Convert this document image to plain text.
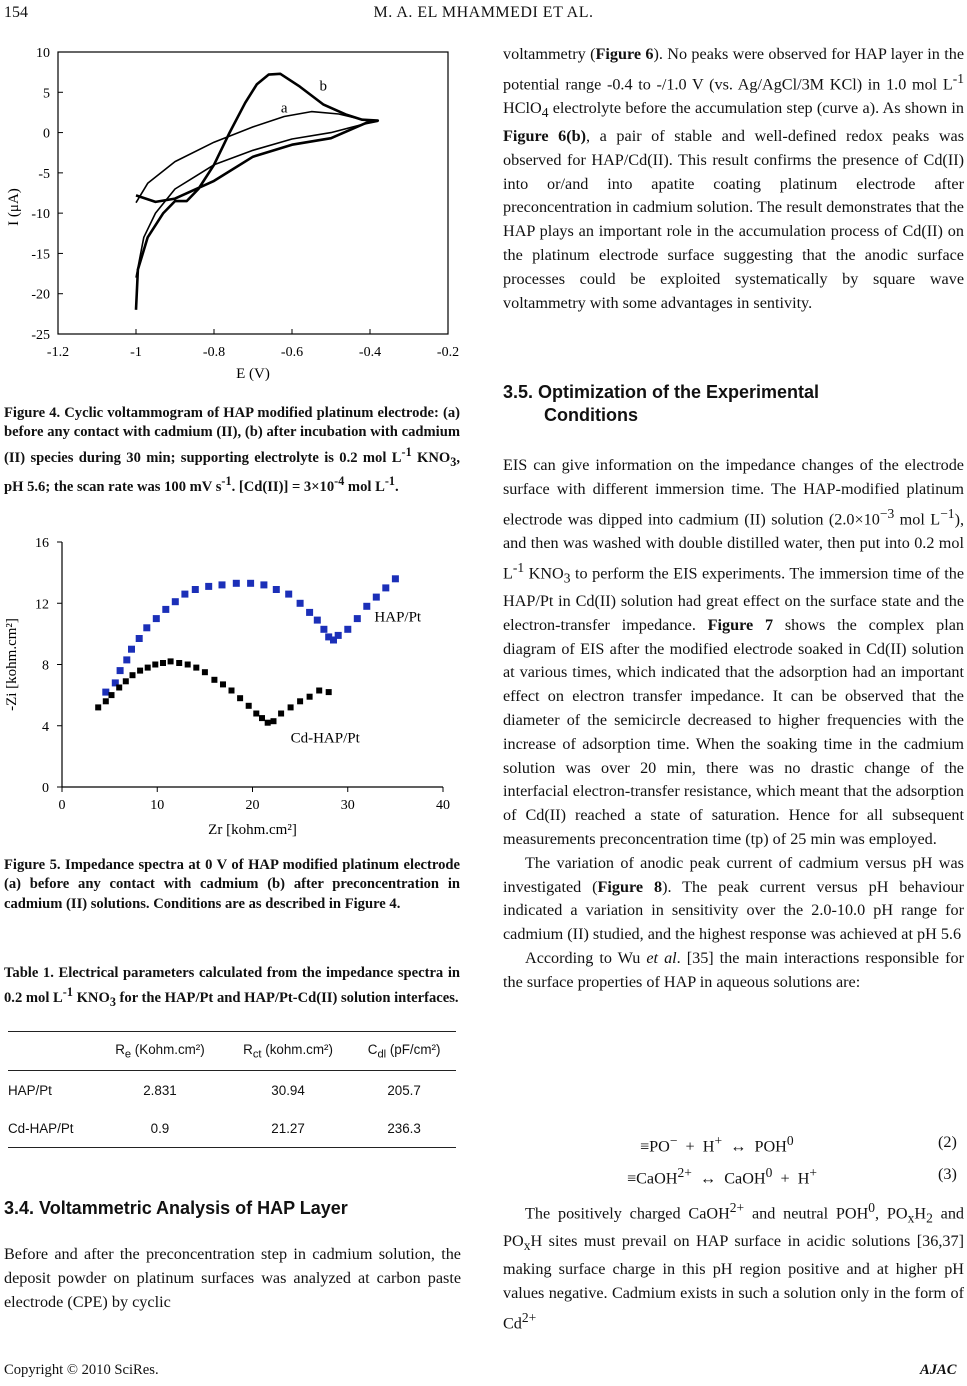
154	M. A. EL MHAMMEDI ET AL.
-1.2	-1	-0.8	-0.6	-0.4	-0.2
10
5
0
-5
-10
-15
-20
-25
E (V)
I (μA)
a
b
Figure 4. Cyclic voltammogram of HAP modified platinum electrode: (a) before any contact with cadmium (II), (b) after incubation with cadmium (II) species during 30 min; supporting electrolyte is 0.2 mol $L^{-1}$ $KNO_3$, pH 5.6; the scan rate was 100 mV $s^{-1}$. $[Cd(II)] = 3\times 10^{-4}$ mol $L^{-1}$.
0	10	20	30	40
16
12
8
4
0
Zr [kohm.cm²]
-Zi [kohm.cm²]
HAP/Pt
Cd-HAP/Pt
Figure 5. Impedance spectra at 0 V of HAP modified platinum electrode (a) before any contact with cadmium (b) after preconcentration in cadmium (II) solutions. Conditions are as described in Figure 4.
Table 1. Electrical parameters calculated from the impedance spectra in 0.2 mol $L^{-1}$ $KNO_3$ for the HAP/Pt and HAP/Pt-Cd(II) solution interfaces.
	$R_e$ (Kohm.cm²)	$R_{ct}$ (kohm.cm²)	$C_{dl}$ (pF/cm²)
HAP/Pt	2.831	30.94	205.7
Cd-HAP/Pt	0.9	21.27	236.3
3.4. Voltammetric Analysis of HAP Layer

Before and after the preconcentration step in cadmium solution, the deposit powder on platinum surfaces was analyzed at carbon paste electrode (CPE) by cyclic

voltammetry (Figure 6). No peaks were observed for HAP layer in the potential range -0.4 to -/1.0 V (vs. Ag/AgCl/3M KCl) in 1.0 mol $L^{-1}$ HClO$_4$ electrolyte before the accumulation step (curve a). As shown in Figure 6(b), a pair of stable and well-defined redox peaks was observed for HAP/Cd(II). This result confirms the presence of Cd(II) into or/and into apatite coating platinum electrode after preconcentration in cadmium solution. The result demonstrates that the HAP plays an important role in the accumulation process of Cd(II) on the platinum electrode surface suggesting that the anodic surface processes could be exploited systematically by square wave voltammetry with some advantages in sentivity.

3.5. Optimization of the Experimental
Conditions

EIS can give information on the impedance changes of the electrode surface with different immersion time. The HAP-modified platinum electrode was dipped into cadmium (II) solution ($2.0\times 10^{-3}$ mol $L^{-1}$), and then was washed with double distilled water, then put into 0.2 mol $L^{-1}$ $KNO_3$ to perform the EIS experiments. The immersion time of the HAP/Pt in Cd(II) solution had great effect on the surface state and the electron-transfer impedance. Figure 7 shows the complex plan diagram of EIS after the modified electrode soaked in Cd(II) solution at various times, which indicated that the adsorption had an important effect on electron transfer impedance. It can be observed that the diameter of the semicircle decreased to higher frequencies with the increase of adsorption time. When the soaking time in the cadmium solution was over 20 min, there was no drastic change of the interfacial electron-transfer resistance, which meant that the adsorption of Cd(II) reached a state of saturation. Hence for all subsequent measurements preconcentration time (tp) of 25 min was employed.

The variation of anodic peak current of cadmium versus pH was investigated (Figure 8). The peak current versus pH behaviour indicated a variation in sensitivity over the 2.0-10.0 pH range for cadmium (II) studied, and the highest response was achieved at pH 5.6

According to Wu et al. [35] the main interactions responsible for the surface properties of HAP in aqueous solutions are:

≡PO−  +  H+  ↔  POH$^0$	(2)
≡CaOH$^{2+}$  ↔  CaOH$^0$  +  H+	(3)

The positively charged CaOH$^{2+}$ and neutral POH$^0$, $PO_xH_2$ and $PO_xH$ sites must prevail on HAP surface in acidic solutions [36,37] making surface charge in this pH region positive and at higher pH values negative. Cadmium exists in such a solution only in the form of $Cd^{2+}$

Copyright © 2010 SciRes.	AJAC
